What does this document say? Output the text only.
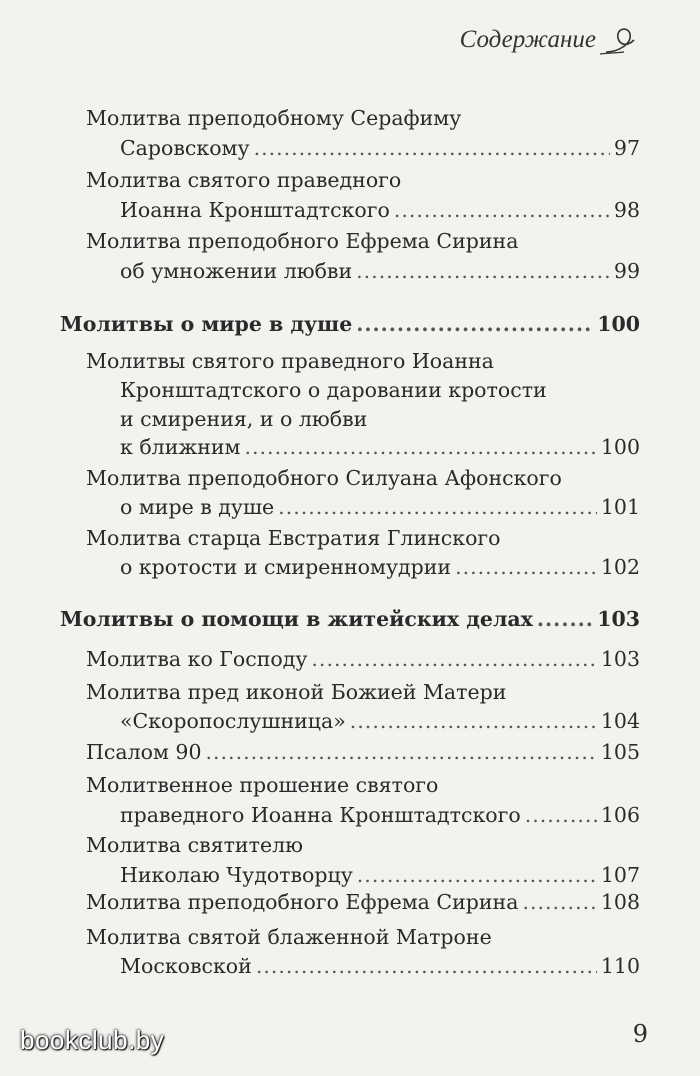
Содержание
Молитва преподобному Серафиму
Саровскому .....	97
Молитва святого праведного
Иоанна Кронштадтского .....	98
Молитва преподобного Ефрема Сирина
об умножении любви .....	99
Молитвы о мире в душе .....	100
Молитвы святого праведного Иоанна
Кронштадтского о даровании кротости
и смирения, и о любви
к ближним .....	100
Молитва преподобного Силуана Афонского
о мире в душе .....	101
Молитва старца Евстратия Глинского
о кротости и смиренномудрии .....	102
Молитвы о помощи в житейских делах .....	103
Молитва ко Господу .....	103
Молитва пред иконой Божией Матери
«Скоропослушница» .....	104
Псалом 90 .....	105
Молитвенное прошение святого
праведного Иоанна Кронштадтского .....	106
Молитва святителю
Николаю Чудотворцу .....	107
Молитва преподобного Ефрема Сирина .....	108
Молитва святой блаженной Матроне
Московской .....	110
9
bookclub.by
